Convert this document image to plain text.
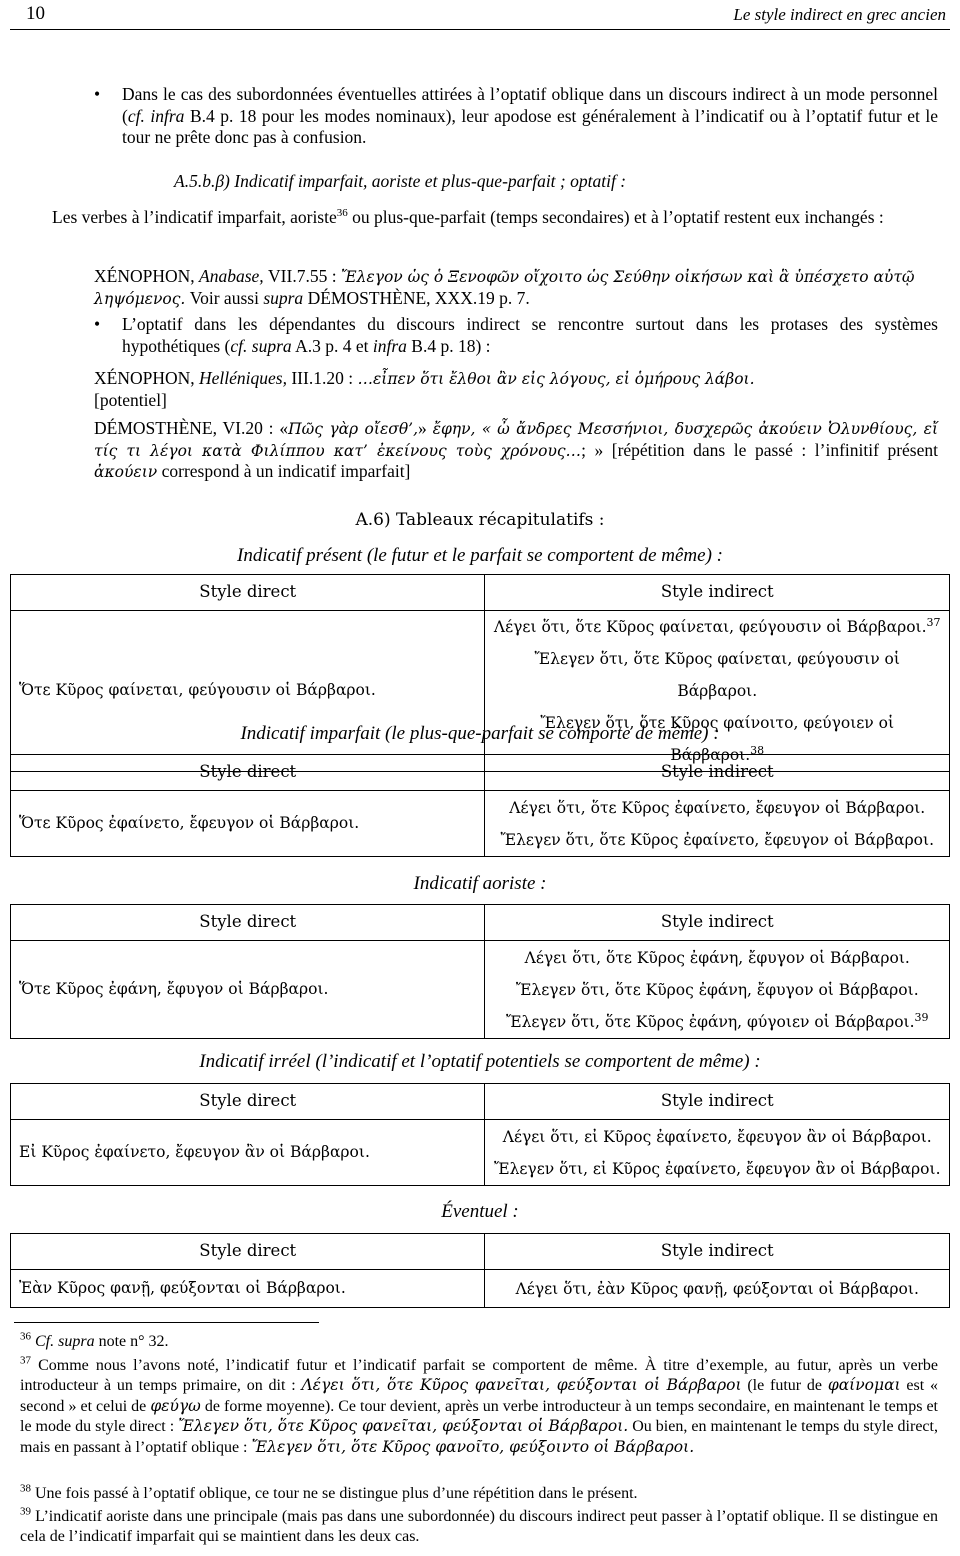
10	Le style indirect en grec ancien
• Dans le cas des subordonnées éventuelles attirées à l’optatif oblique dans un discours indirect à un mode personnel (cf. infra B.4 p. 18 pour les modes nominaux), leur apodose est généralement à l’indicatif ou à l’optatif futur et le tour ne prête donc pas à confusion.
A.5.b.β) Indicatif imparfait, aoriste et plus-que-parfait ; optatif :
Les verbes à l’indicatif imparfait, aoriste$^{36}$ ou plus-que-parfait (temps secondaires) et à l’optatif restent eux inchangés :
XÉNOPHON, Anabase, VII.7.55 : Ἔλεγον ὡς ὁ Ξενοφῶν οἴχοιτο ὡς Σεύθην οἰκήσων καὶ ἃ ὑπέσχετο αὐτῷ ληψόμενος. Voir aussi supra DÉMOSTHÈNE, XXX.19 p. 7.
• L’optatif dans les dépendantes du discours indirect se rencontre surtout dans les protases des systèmes hypothétiques (cf. supra A.3 p. 4 et infra B.4 p. 18) :
XÉNOPHON, Helléniques, III.1.20 : …εἶπεν ὅτι ἔλθοι ἂν εἰς λόγους, εἰ ὁμήρους λάβοι.
[potentiel]
DÉMOSTHÈNE, VI.20 : «Πῶς γὰρ οἴεσθ’,» ἔφην, « ὦ ἄνδρες Μεσσήνιοι, δυσχερῶς ἀκούειν Ὀλυνθίους, εἴ τίς τι λέγοι κατὰ Φιλίππου κατ’ ἐκείνους τοὺς χρόνους…; » [répétition dans le passé : l’infinitif présent ἀκούειν correspond à un indicatif imparfait]
A.6) Tableaux récapitulatifs :
Indicatif présent (le futur et le parfait se comportent de même) :
Style direct	Style indirect
Ὅτε Κῦρος φαίνεται, φεύγουσιν οἱ Βάρβαροι.	Λέγει ὅτι, ὅτε Κῦρος φαίνεται, φεύγουσιν οἱ Βάρβαροι.$^{37}$
Ἔλεγεν ὅτι, ὅτε Κῦρος φαίνεται, φεύγουσιν οἱ Βάρβαροι.
Ἔλεγεν ὅτι, ὅτε Κῦρος φαίνοιτο, φεύγοιεν οἱ Βάρβαροι.$^{38}$
Indicatif imparfait (le plus-que-parfait se comporte de même) :
Style direct	Style indirect
Ὅτε Κῦρος ἐφαίνετο, ἔφευγον οἱ Βάρβαροι.	Λέγει ὅτι, ὅτε Κῦρος ἐφαίνετο, ἔφευγον οἱ Βάρβαροι.
Ἔλεγεν ὅτι, ὅτε Κῦρος ἐφαίνετο, ἔφευγον οἱ Βάρβαροι.
Indicatif aoriste :
Style direct	Style indirect
Ὅτε Κῦρος ἐφάνη, ἔφυγον οἱ Βάρβαροι.	Λέγει ὅτι, ὅτε Κῦρος ἐφάνη, ἔφυγον οἱ Βάρβαροι.
Ἔλεγεν ὅτι, ὅτε Κῦρος ἐφάνη, ἔφυγον οἱ Βάρβαροι.
Ἔλεγεν ὅτι, ὅτε Κῦρος ἐφάνη, φύγοιεν οἱ Βάρβαροι.$^{39}$
Indicatif irréel (l’indicatif et l’optatif potentiels se comportent de même) :
Style direct	Style indirect
Εἰ Κῦρος ἐφαίνετο, ἔφευγον ἂν οἱ Βάρβαροι.	Λέγει ὅτι, εἰ Κῦρος ἐφαίνετο, ἔφευγον ἂν οἱ Βάρβαροι.
Ἔλεγεν ὅτι, εἰ Κῦρος ἐφαίνετο, ἔφευγον ἂν οἱ Βάρβαροι.
Éventuel :
Style direct	Style indirect
Ἐὰν Κῦρος φανῇ, φεύξονται οἱ Βάρβαροι.	Λέγει ὅτι, ἐὰν Κῦρος φανῇ, φεύξονται οἱ Βάρβαροι.
$^{36}$ Cf. supra note n° 32.
$^{37}$ Comme nous l’avons noté, l’indicatif futur et l’indicatif parfait se comportent de même. À titre d’exemple, au futur, après un verbe introducteur à un temps primaire, on dit : Λέγει ὅτι, ὅτε Κῦρος φανεῖται, φεύξονται οἱ Βάρβαροι (le futur de φαίνομαι est « second » et celui de φεύγω de forme moyenne). Ce tour devient, après un verbe introducteur à un temps secondaire, en maintenant le temps et le mode du style direct : Ἔλεγεν ὅτι, ὅτε Κῦρος φανεῖται, φεύξονται οἱ Βάρβαροι. Ou bien, en maintenant le temps du style direct, mais en passant à l’optatif oblique : Ἔλεγεν ὅτι, ὅτε Κῦρος φανοῖτο, φεύξοιντο οἱ Βάρβαροι.
$^{38}$ Une fois passé à l’optatif oblique, ce tour ne se distingue plus d’une répétition dans le présent.
$^{39}$ L’indicatif aoriste dans une principale (mais pas dans une subordonnée) du discours indirect peut passer à l’optatif oblique. Il se distingue en cela de l’indicatif imparfait qui se maintient dans les deux cas.
